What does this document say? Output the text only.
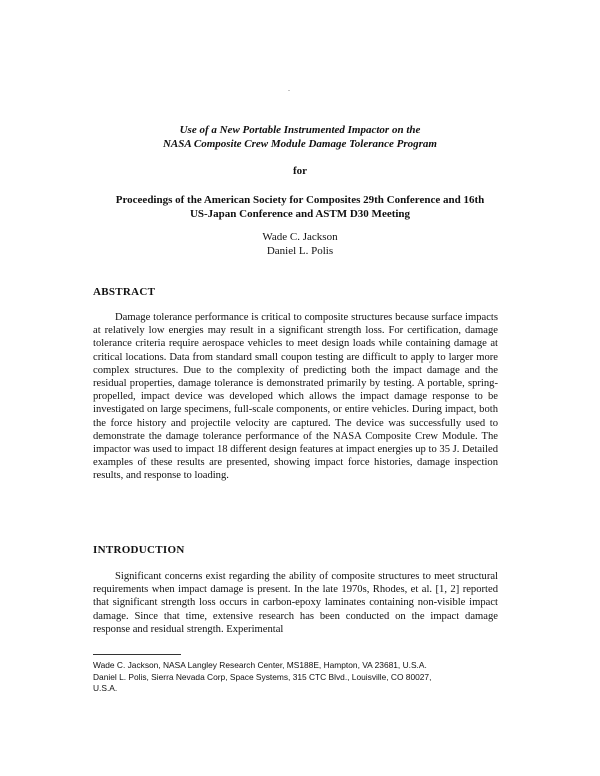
.
Use of a New Portable Instrumented Impactor on the
NASA Composite Crew Module Damage Tolerance Program
for
Proceedings of the American Society for Composites 29th Conference and 16th
US-Japan Conference and ASTM D30 Meeting
Wade C. Jackson
Daniel L. Polis
ABSTRACT

Damage tolerance performance is critical to composite structures because surface impacts at relatively low energies may result in a significant strength loss. For certification, damage tolerance criteria require aerospace vehicles to meet design loads while containing damage at critical locations. Data from standard small coupon testing are difficult to apply to larger more complex structures. Due to the complexity of predicting both the impact damage and the residual properties, damage tolerance is demonstrated primarily by testing. A portable, spring-propelled, impact device was developed which allows the impact damage response to be investigated on large specimens, full-scale components, or entire vehicles. During impact, both the force history and projectile velocity are captured. The device was successfully used to demonstrate the damage tolerance performance of the NASA Composite Crew Module. The impactor was used to impact 18 different design features at impact energies up to 35 J. Detailed examples of these results are presented, showing impact force histories, damage inspection results, and response to loading.

INTRODUCTION

Significant concerns exist regarding the ability of composite structures to meet structural requirements when impact damage is present. In the late 1970s, Rhodes, et al. [1, 2] reported that significant strength loss occurs in carbon-epoxy laminates containing non-visible impact damage. Since that time, extensive research has been conducted on the impact damage response and residual strength. Experimental

Wade C. Jackson, NASA Langley Research Center, MS188E, Hampton, VA 23681, U.S.A.
Daniel L. Polis, Sierra Nevada Corp, Space Systems, 315 CTC Blvd., Louisville, CO 80027,
U.S.A.
